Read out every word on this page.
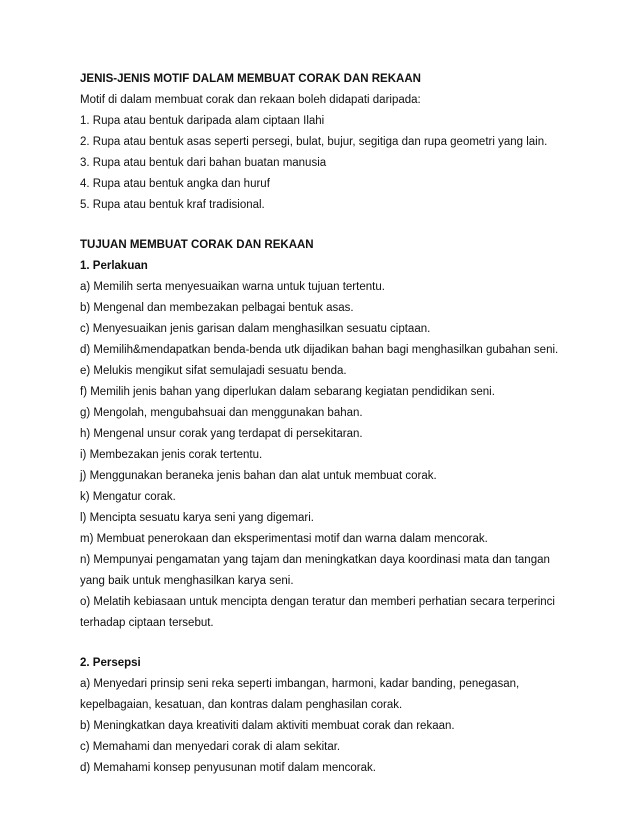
JENIS-JENIS MOTIF DALAM MEMBUAT CORAK DAN REKAAN

Motif di dalam membuat corak dan rekaan boleh didapati daripada:

1. Rupa atau bentuk daripada alam ciptaan Ilahi

2. Rupa atau bentuk asas seperti persegi, bulat, bujur, segitiga dan rupa geometri yang lain.

3. Rupa atau bentuk dari bahan buatan manusia

4. Rupa atau bentuk angka dan huruf

5. Rupa atau bentuk kraf tradisional.

TUJUAN MEMBUAT CORAK DAN REKAAN

1. Perlakuan

a) Memilih serta menyesuaikan warna untuk tujuan tertentu.

b) Mengenal dan membezakan pelbagai bentuk asas.

c) Menyesuaikan jenis garisan dalam menghasilkan sesuatu ciptaan.

d) Memilih&mendapatkan benda-benda utk dijadikan bahan bagi menghasilkan gubahan seni.

e) Melukis mengikut sifat semulajadi sesuatu benda.

f) Memilih jenis bahan yang diperlukan dalam sebarang kegiatan pendidikan seni.

g) Mengolah, mengubahsuai dan menggunakan bahan.

h) Mengenal unsur corak yang terdapat di persekitaran.

i) Membezakan jenis corak tertentu.

j) Menggunakan beraneka jenis bahan dan alat untuk membuat corak.

k) Mengatur corak.

l) Mencipta sesuatu karya seni yang digemari.

m) Membuat penerokaan dan eksperimentasi motif dan warna dalam mencorak.

n) Mempunyai pengamatan yang tajam dan meningkatkan daya koordinasi mata dan tangan

yang baik untuk menghasilkan karya seni.

o) Melatih kebiasaan untuk mencipta dengan teratur dan memberi perhatian secara terperinci

terhadap ciptaan tersebut.

2. Persepsi

a) Menyedari prinsip seni reka seperti imbangan, harmoni, kadar banding, penegasan,

kepelbagaian, kesatuan, dan kontras dalam penghasilan corak.

b) Meningkatkan daya kreativiti dalam aktiviti membuat corak dan rekaan.

c) Memahami dan menyedari corak di alam sekitar.

d) Memahami konsep penyusunan motif dalam mencorak.
